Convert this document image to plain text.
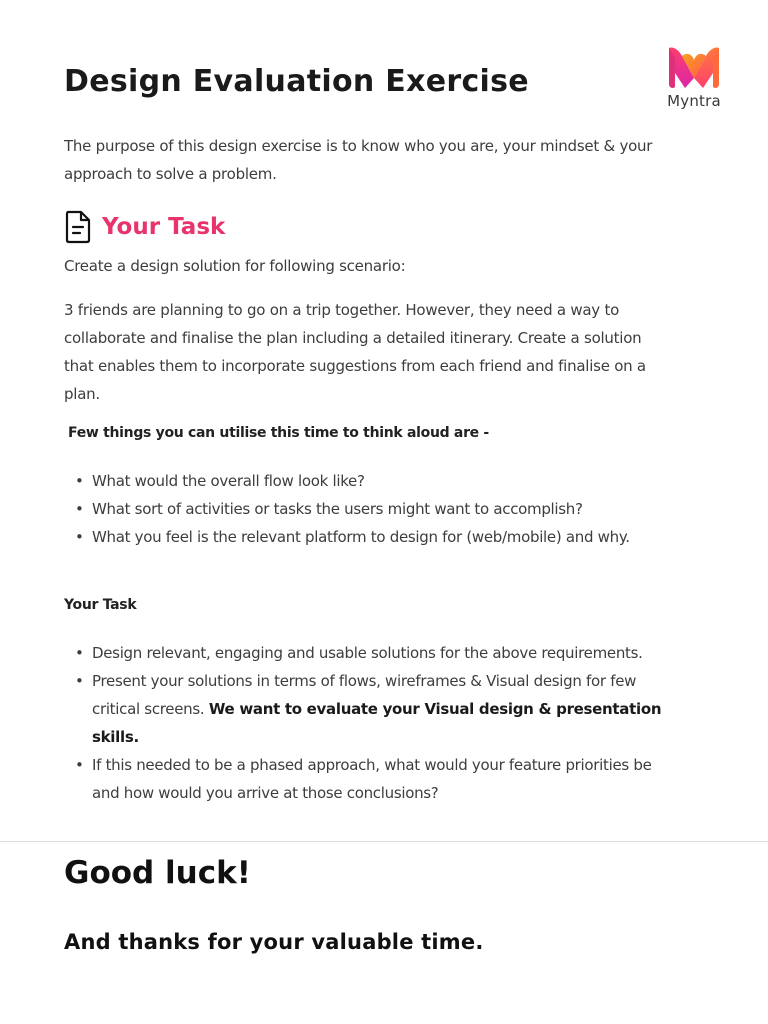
Design Evaluation Exercise
Myntra

The purpose of this design exercise is to know who you are, your mindset & your approach to solve a problem.

Your Task

Create a design solution for following scenario:

3 friends are planning to go on a trip together. However, they need a way to collaborate and finalise the plan including a detailed itinerary. Create a solution that enables them to incorporate suggestions from each friend and finalise on a plan.

Few things you can utilise this time to think aloud are -

• What would the overall flow look like?
• What sort of activities or tasks the users might want to accomplish?
• What you feel is the relevant platform to design for (web/mobile) and why.

Your Task

• Design relevant, engaging and usable solutions for the above requirements.
• Present your solutions in terms of flows, wireframes & Visual design for few critical screens. We want to evaluate your Visual design & presentation skills.
• If this needed to be a phased approach, what would your feature priorities be and how would you arrive at those conclusions?
Good luck!

And thanks for your valuable time.
